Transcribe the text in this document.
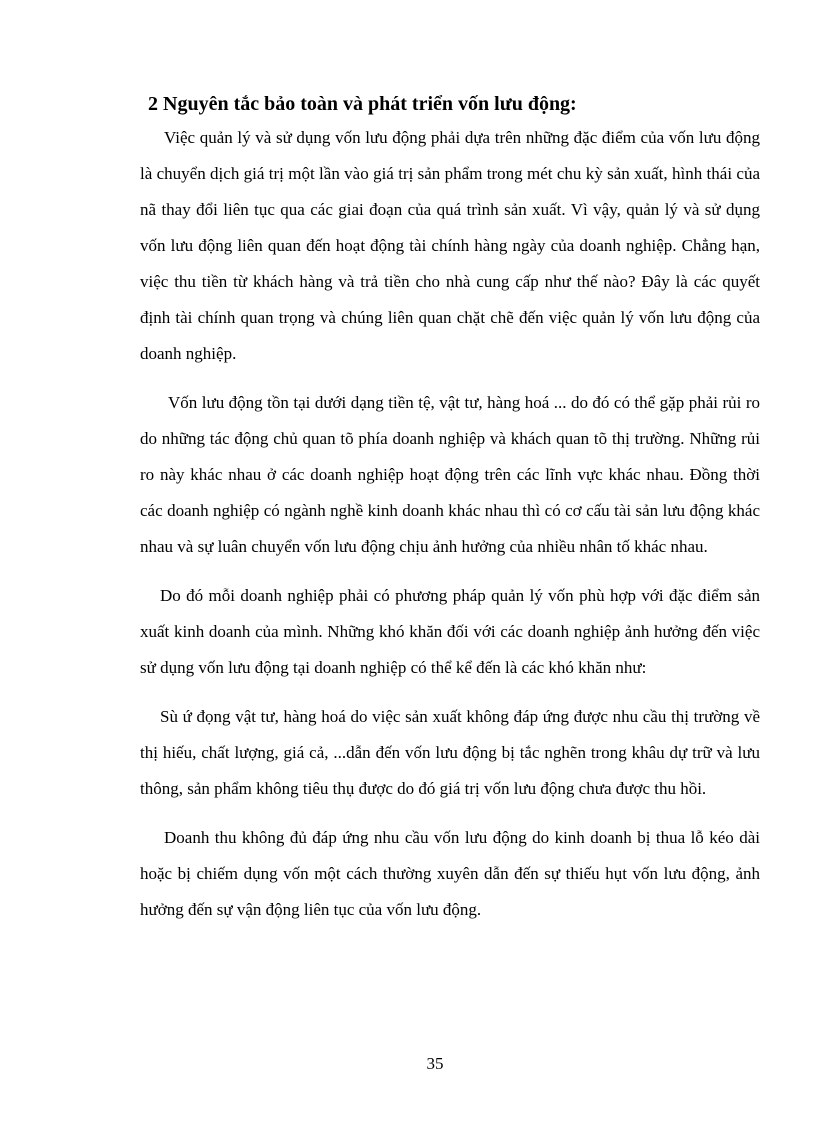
2 Nguyên tắc bảo toàn và phát triển vốn lưu động:

Việc quản lý và sử dụng vốn lưu động phải dựa trên những đặc điểm của vốn lưu động là chuyển dịch giá trị một lần vào giá trị sản phẩm trong mét chu kỳ sản xuất, hình thái của nã thay đổi liên tục qua các giai đoạn của quá trình sản xuất. Vì vậy, quản lý và sử dụng vốn lưu động liên quan đến hoạt động tài chính hàng ngày của doanh nghiệp. Chẳng hạn, việc thu tiền từ khách hàng và trả tiền cho nhà cung cấp như thế nào? Đây là các quyết định tài chính quan trọng và chúng liên quan chặt chẽ đến việc quản lý vốn lưu động của doanh nghiệp.

Vốn lưu động tồn tại dưới dạng tiền tệ, vật tư, hàng hoá ... do đó có thể gặp phải rủi ro do những tác động chủ quan tõ phía doanh nghiệp và khách quan tõ thị trường. Những rủi ro này khác nhau ở các doanh nghiệp hoạt động trên các lĩnh vực khác nhau. Đồng thời các doanh nghiệp có ngành nghề kinh doanh khác nhau thì có cơ cấu tài sản lưu động khác nhau và sự luân chuyển vốn lưu động chịu ảnh hưởng của nhiều nhân tố khác nhau.

Do đó mỗi doanh nghiệp phải có phương pháp quản lý vốn phù hợp với đặc điểm sản xuất kinh doanh của mình. Những khó khăn đối với các doanh nghiệp ảnh hưởng đến việc sử dụng vốn lưu động tại doanh nghiệp có thể kể đến là các khó khăn như:

Sù ứ đọng vật tư, hàng hoá do việc sản xuất không đáp ứng được nhu cầu thị trường về thị hiếu, chất lượng, giá cả, ...dẫn đến vốn lưu động bị tắc nghẽn trong khâu dự trữ và lưu thông, sản phẩm không tiêu thụ được do đó giá trị vốn lưu động chưa được thu hồi.

Doanh thu không đủ đáp ứng nhu cầu vốn lưu động do kinh doanh bị thua lỗ kéo dài hoặc bị chiếm dụng vốn một cách thường xuyên dẫn đến sự thiếu hụt vốn lưu động, ảnh hưởng đến sự vận động liên tục của vốn lưu động.

35
